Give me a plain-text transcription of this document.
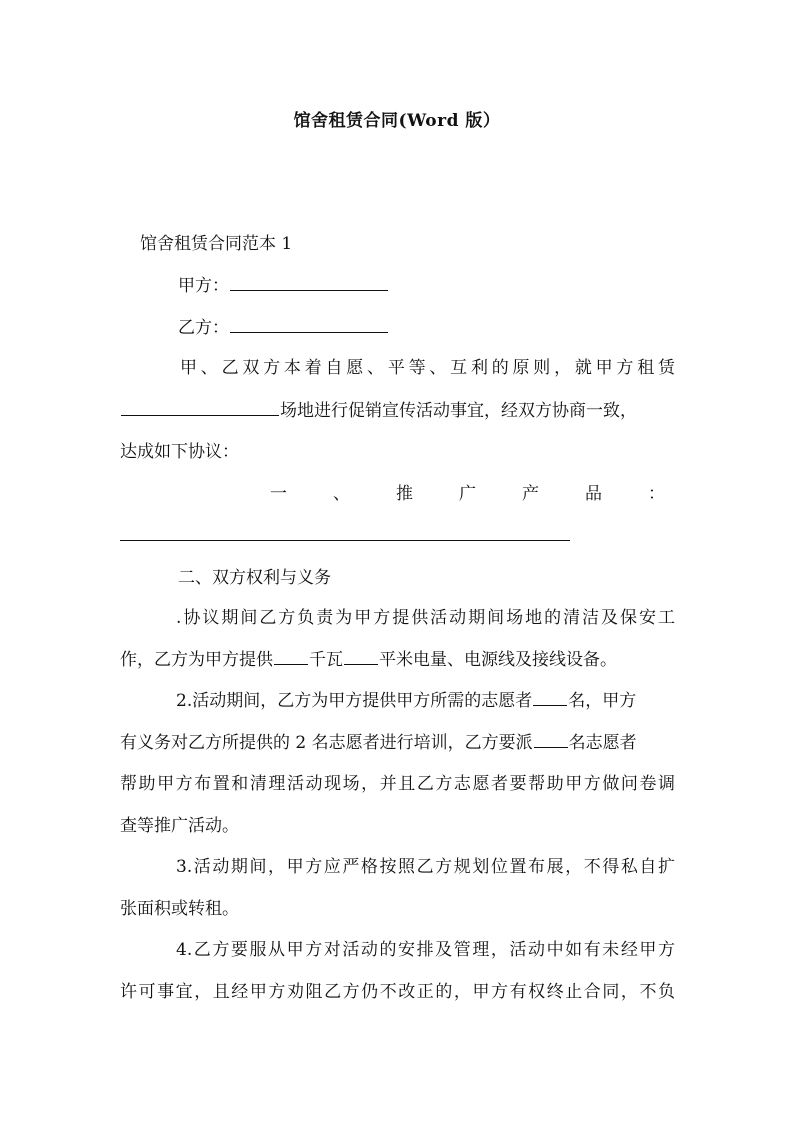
馆舍租赁合同(Word 版）
馆舍租赁合同范本 1
甲方：
乙方：
甲、乙双方本着自愿、平等、互利的原则，就甲方租赁
场地进行促销宣传活动事宜，经双方协商一致，
达成如下协议：
一	、	推	广	产	品	：
二、双方权利与义务
.协议期间乙方负责为甲方提供活动期间场地的清洁及保安工
作，乙方为甲方提供 千瓦 平米电量、电源线及接线设备。
2.活动期间，乙方为甲方提供甲方所需的志愿者 名，甲方
有义务对乙方所提供的 2 名志愿者进行培训，乙方要派 名志愿者
帮助甲方布置和清理活动现场，并且乙方志愿者要帮助甲方做问卷调
查等推广活动。
3.活动期间，甲方应严格按照乙方规划位置布展，不得私自扩
张面积或转租。
4.乙方要服从甲方对活动的安排及管理，活动中如有未经甲方
许可事宜，且经甲方劝阻乙方仍不改正的，甲方有权终止合同，不负
